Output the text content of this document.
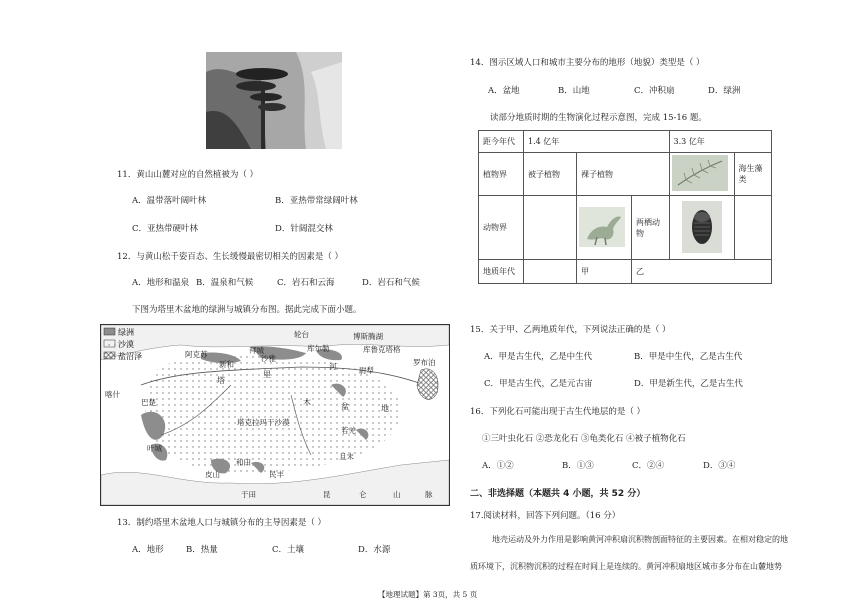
11．黄山山麓对应的自然植被为（ ）
A．温带落叶阔叶林	B．亚热带常绿阔叶林
C．亚热带硬叶林	D．针阔混交林
12．与黄山松千姿百态、生长缓慢最密切相关的因素是（ ）
A．地形和温泉 B．温泉和气候	C．岩石和云海	D．岩石和气候
下图为塔里木盆地的绿洲与城镇分布图。据此完成下面小题。
绿洲
沙漠
盐沼泽
轮台
库尔勒
博斯腾湖
库鲁克塔格
罗布泊
阿克苏
塔
里
木	盆	地
塔克拉玛干沙漠
尉犁
沙雅
新和
拜城
喀什
叶城
皮山
和田
民丰
且末
于田
若羌
昆	仑	山	脉
巴楚
河
13．制约塔里木盆地人口与城镇分布的主导因素是（ ）
A．地形	B．热量	C．土壤	D．水源
14．图示区域人口和城市主要分布的地形（地貌）类型是（ ）
A．盆地	B．山地	C．冲积扇	D．绿洲
读部分地质时期的生物演化过程示意图，完成 15-16 题。
距今年代	1.4 亿年			3.3 亿年	
植物界	被子植物	裸子植物			海生藻类
动物界			两栖动物		
地质年代		甲	乙		
15．关于甲、乙两地质年代，下列说法正确的是（ ）
A．甲是古生代，乙是中生代	B．甲是中生代，乙是古生代
C．甲是古生代，乙是元古宙	D．甲是新生代，乙是古生代
16．下列化石可能出现于古生代地层的是（ ）
①三叶虫化石 ②恐龙化石 ③龟类化石 ④被子植物化石
A．①②	B．①③	C．②④	D．③④
二、非选择题（本题共 4 小题，共 52 分）
17.阅读材料，回答下列问题。（16 分）
地壳运动及外力作用是影响黄河冲积扇沉积物剖面特征的主要因素。在相对稳定的地
质环境下，沉积物沉积的过程在时间上是连续的。黄河冲积扇地区城市多分布在山麓地势
【地理试题】第 3页，共 5 页
